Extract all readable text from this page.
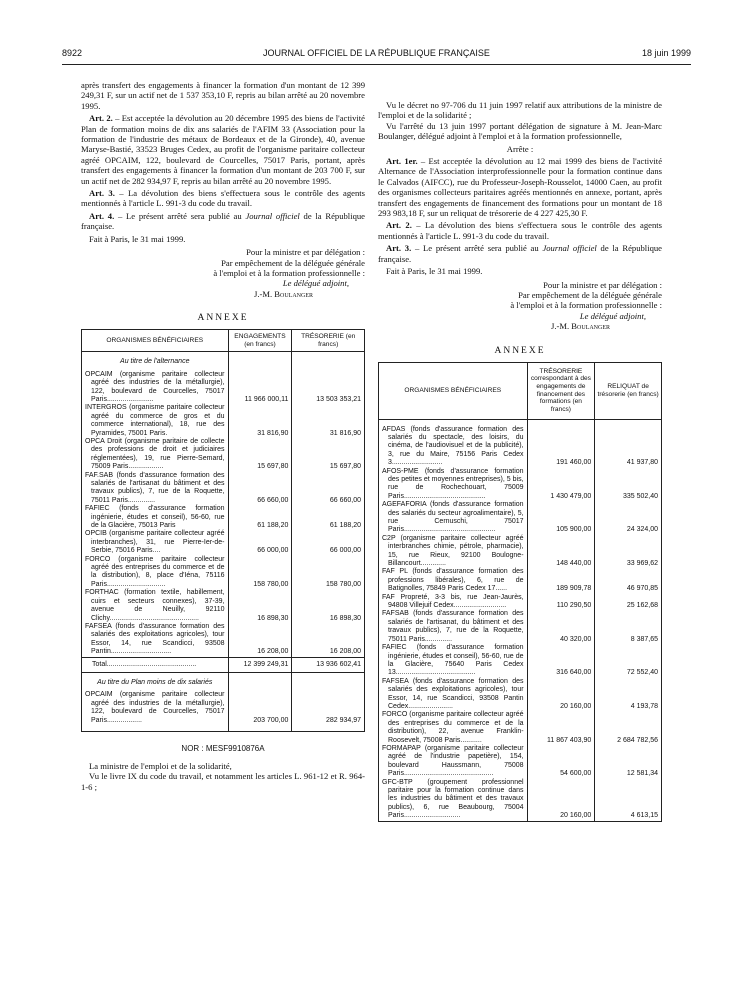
8922	JOURNAL OFFICIEL DE LA RÉPUBLIQUE FRANÇAISE	18 juin 1999

après transfert des engagements à financer la formation d'un montant de 12 399 249,31 F, sur un actif net de 1 537 353,10 F, repris au bilan arrêté au 20 novembre 1995.

Art. 2. – Est acceptée la dévolution au 20 décembre 1995 des biens de l'activité Plan de formation moins de dix ans salariés de l'AFIM 33 (Association pour la formation de l'industrie des métaux de Bordeaux et de la Gironde), 40, avenue Maryse-Bastié, 33523 Bruges Cedex, au profit de l'organisme paritaire collecteur agréé OPCAIM, 122, boulevard de Courcelles, 75017 Paris, portant, après transfert des engagements à financer la formation d'un montant de 203 700 F, sur un actif net de 282 934,97 F, repris au bilan arrêté au 20 novembre 1995.

Art. 3. – La dévolution des biens s'effectuera sous le contrôle des agents mentionnés à l'article L. 991-3 du code du travail.

Art. 4. – Le présent arrêté sera publié au Journal officiel de la République française.

Fait à Paris, le 31 mai 1999.

Pour la ministre et par délégation :
Par empêchement de la déléguée générale
à l'emploi et à la formation professionnelle :
Le délégué adjoint,
J.-M. Boulanger
ANNEXE
ORGANISMES BÉNÉFICIAIRES	ENGAGEMENTS (en francs)	TRÉSORERIE (en francs)
Au titre de l'alternance		
OPCAIM (organisme paritaire collecteur agréé des industries de la métallurgie), 122, boulevard de Courcelles, 75017 Paris........................	11 966 000,11	13 503 353,21
INTERGROS (organisme paritaire collecteur agréé du commerce de gros et du commerce international), 18, rue des Pyramides, 75001 Paris.	31 816,90	31 816,90
OPCA Droit (organisme paritaire de collecte des professions de droit et judiciaires réglementées), 19, rue Pierre-Semard, 75009 Paris..................	15 697,80	15 697,80
FAF.SAB (fonds d'assurance formation des salariés de l'artisanat du bâtiment et des travaux publics), 7, rue de la Roquette, 75011 Paris..............	66 660,00	66 660,00
FAFIEC (fonds d'assurance formation ingénierie, études et conseil), 56-60, rue de la Glacière, 75013 Paris	61 188,20	61 188,20
OPCIB (organisme paritaire collecteur agréé interbranches), 31, rue Pierre-Ier-de-Serbie, 75016 Paris....	66 000,00	66 000,00
FORCO (organisme paritaire collecteur agréé des entreprises du commerce et de la distribution), 8, place d'Iéna, 75116 Paris..............................	158 780,00	158 780,00
FORTHAC (formation textile, habillement, cuirs et secteurs connexes), 37-39, avenue de Neuilly, 92110 Clichy..............................................	16 898,30	16 898,30
FAFSEA (fonds d'assurance formation des salariés des exploitations agricoles), tour Essor, 14, rue Scandicci, 93508 Pantin...............................	16 208,00	16 208,00
Total..............................................	12 399 249,31	13 936 602,41
Au titre du Plan moins de dix salariés		
OPCAIM (organisme paritaire collecteur agréé des industries de la métallurgie), 122, boulevard de Courcelles, 75017 Paris..................	203 700,00	282 934,97

NOR : MESF9910876A

La ministre de l'emploi et de la solidarité,

Vu le livre IX du code du travail, et notamment les articles L. 961-12 et R. 964-1-6 ;

Vu le décret no 97-706 du 11 juin 1997 relatif aux attributions de la ministre de l'emploi et de la solidarité ;

Vu l'arrêté du 13 juin 1997 portant délégation de signature à M. Jean-Marc Boulanger, délégué adjoint à l'emploi et à la formation professionnelle,

Arrête :

Art. 1er. – Est acceptée la dévolution au 12 mai 1999 des biens de l'activité Alternance de l'Association interprofessionnelle pour la formation continue dans le Calvados (AIFCC), rue du Professeur-Joseph-Rousselot, 14000 Caen, au profit des organismes collecteurs paritaires agréés mentionnés en annexe, portant, après transfert des engagements de financement des formations pour un montant de 18 293 983,18 F, sur un reliquat de trésorerie de 4 227 425,30 F.

Art. 2. – La dévolution des biens s'effectuera sous le contrôle des agents mentionnés à l'article L. 991-3 du code du travail.

Art. 3. – Le présent arrêté sera publié au Journal officiel de la République française.

Fait à Paris, le 31 mai 1999.

Pour la ministre et par délégation :
Par empêchement de la déléguée générale
à l'emploi et à la formation professionnelle :
Le délégué adjoint,
J.-M. Boulanger
ANNEXE
ORGANISMES BÉNÉFICIAIRES	TRÉSORERIE correspondant à des engagements de financement des formations (en francs)	RELIQUAT de trésorerie (en francs)

AFDAS (fonds d'assurance formation des salariés du spectacle, des loisirs, du cinéma, de l'audiovisuel et de la publicité), 3, rue du Maire, 75156 Paris Cedex 3..........................	191 460,00	41 937,80
AFOS-PME (fonds d'assurance formation des petites et moyennes entreprises), 5 bis, rue de Rochechouart, 75009 Paris..........................................	1 430 479,00	335 502,40
AGEFAFORIA (fonds d'assurance formation des salariés du secteur agroalimentaire), 5, rue Cernuschi, 75017 Paris...............................................	105 900,00	24 324,00
C2P (organisme paritaire collecteur agréé interbranches chimie, pétrole, pharmacie), 15, rue Rieux, 92100 Boulogne-Billancourt.............	148 440,00	33 969,62
FAF PL (fonds d'assurance formation des professions libérales), 6, rue de Batignolles, 75849 Paris Cedex 17......	189 909,78	46 970,85
FAF Propreté, 3-3 bis, rue Jean-Jaurès, 94808 Villejuif Cedex...........................	110 290,50	25 162,68
FAFSAB (fonds d'assurance formation des salariés de l'artisanat, du bâtiment et des travaux publics), 7, rue de la Roquette, 75011 Paris..............	40 320,00	8 387,65
FAFIEC (fonds d'assurance formation ingénierie, études et conseil), 56-60, rue de la Glacière, 75640 Paris Cedex 13.........................................	316 640,00	72 552,40
FAFSEA (fonds d'assurance formation des salariés des exploitations agricoles), tour Essor, 14, rue Scandicci, 93508 Pantin Cedex.......................	20 160,00	4 193,78
FORCO (organisme paritaire collecteur agréé des entreprises du commerce et de la distribution), 22, avenue Franklin-Roosevelt, 75008 Paris...........	11 867 403,90	2 684 782,56
FORMAPAP (organisme paritaire collecteur agréé de l'industrie papetière), 154, boulevard Haussmann, 75008 Paris..............................................	54 600,00	12 581,34
GFC-BTP (groupement professionnel paritaire pour la formation continue dans les industries du bâtiment et des travaux publics), 6, rue Beaubourg, 75004 Paris.............................	20 160,00	4 613,15
